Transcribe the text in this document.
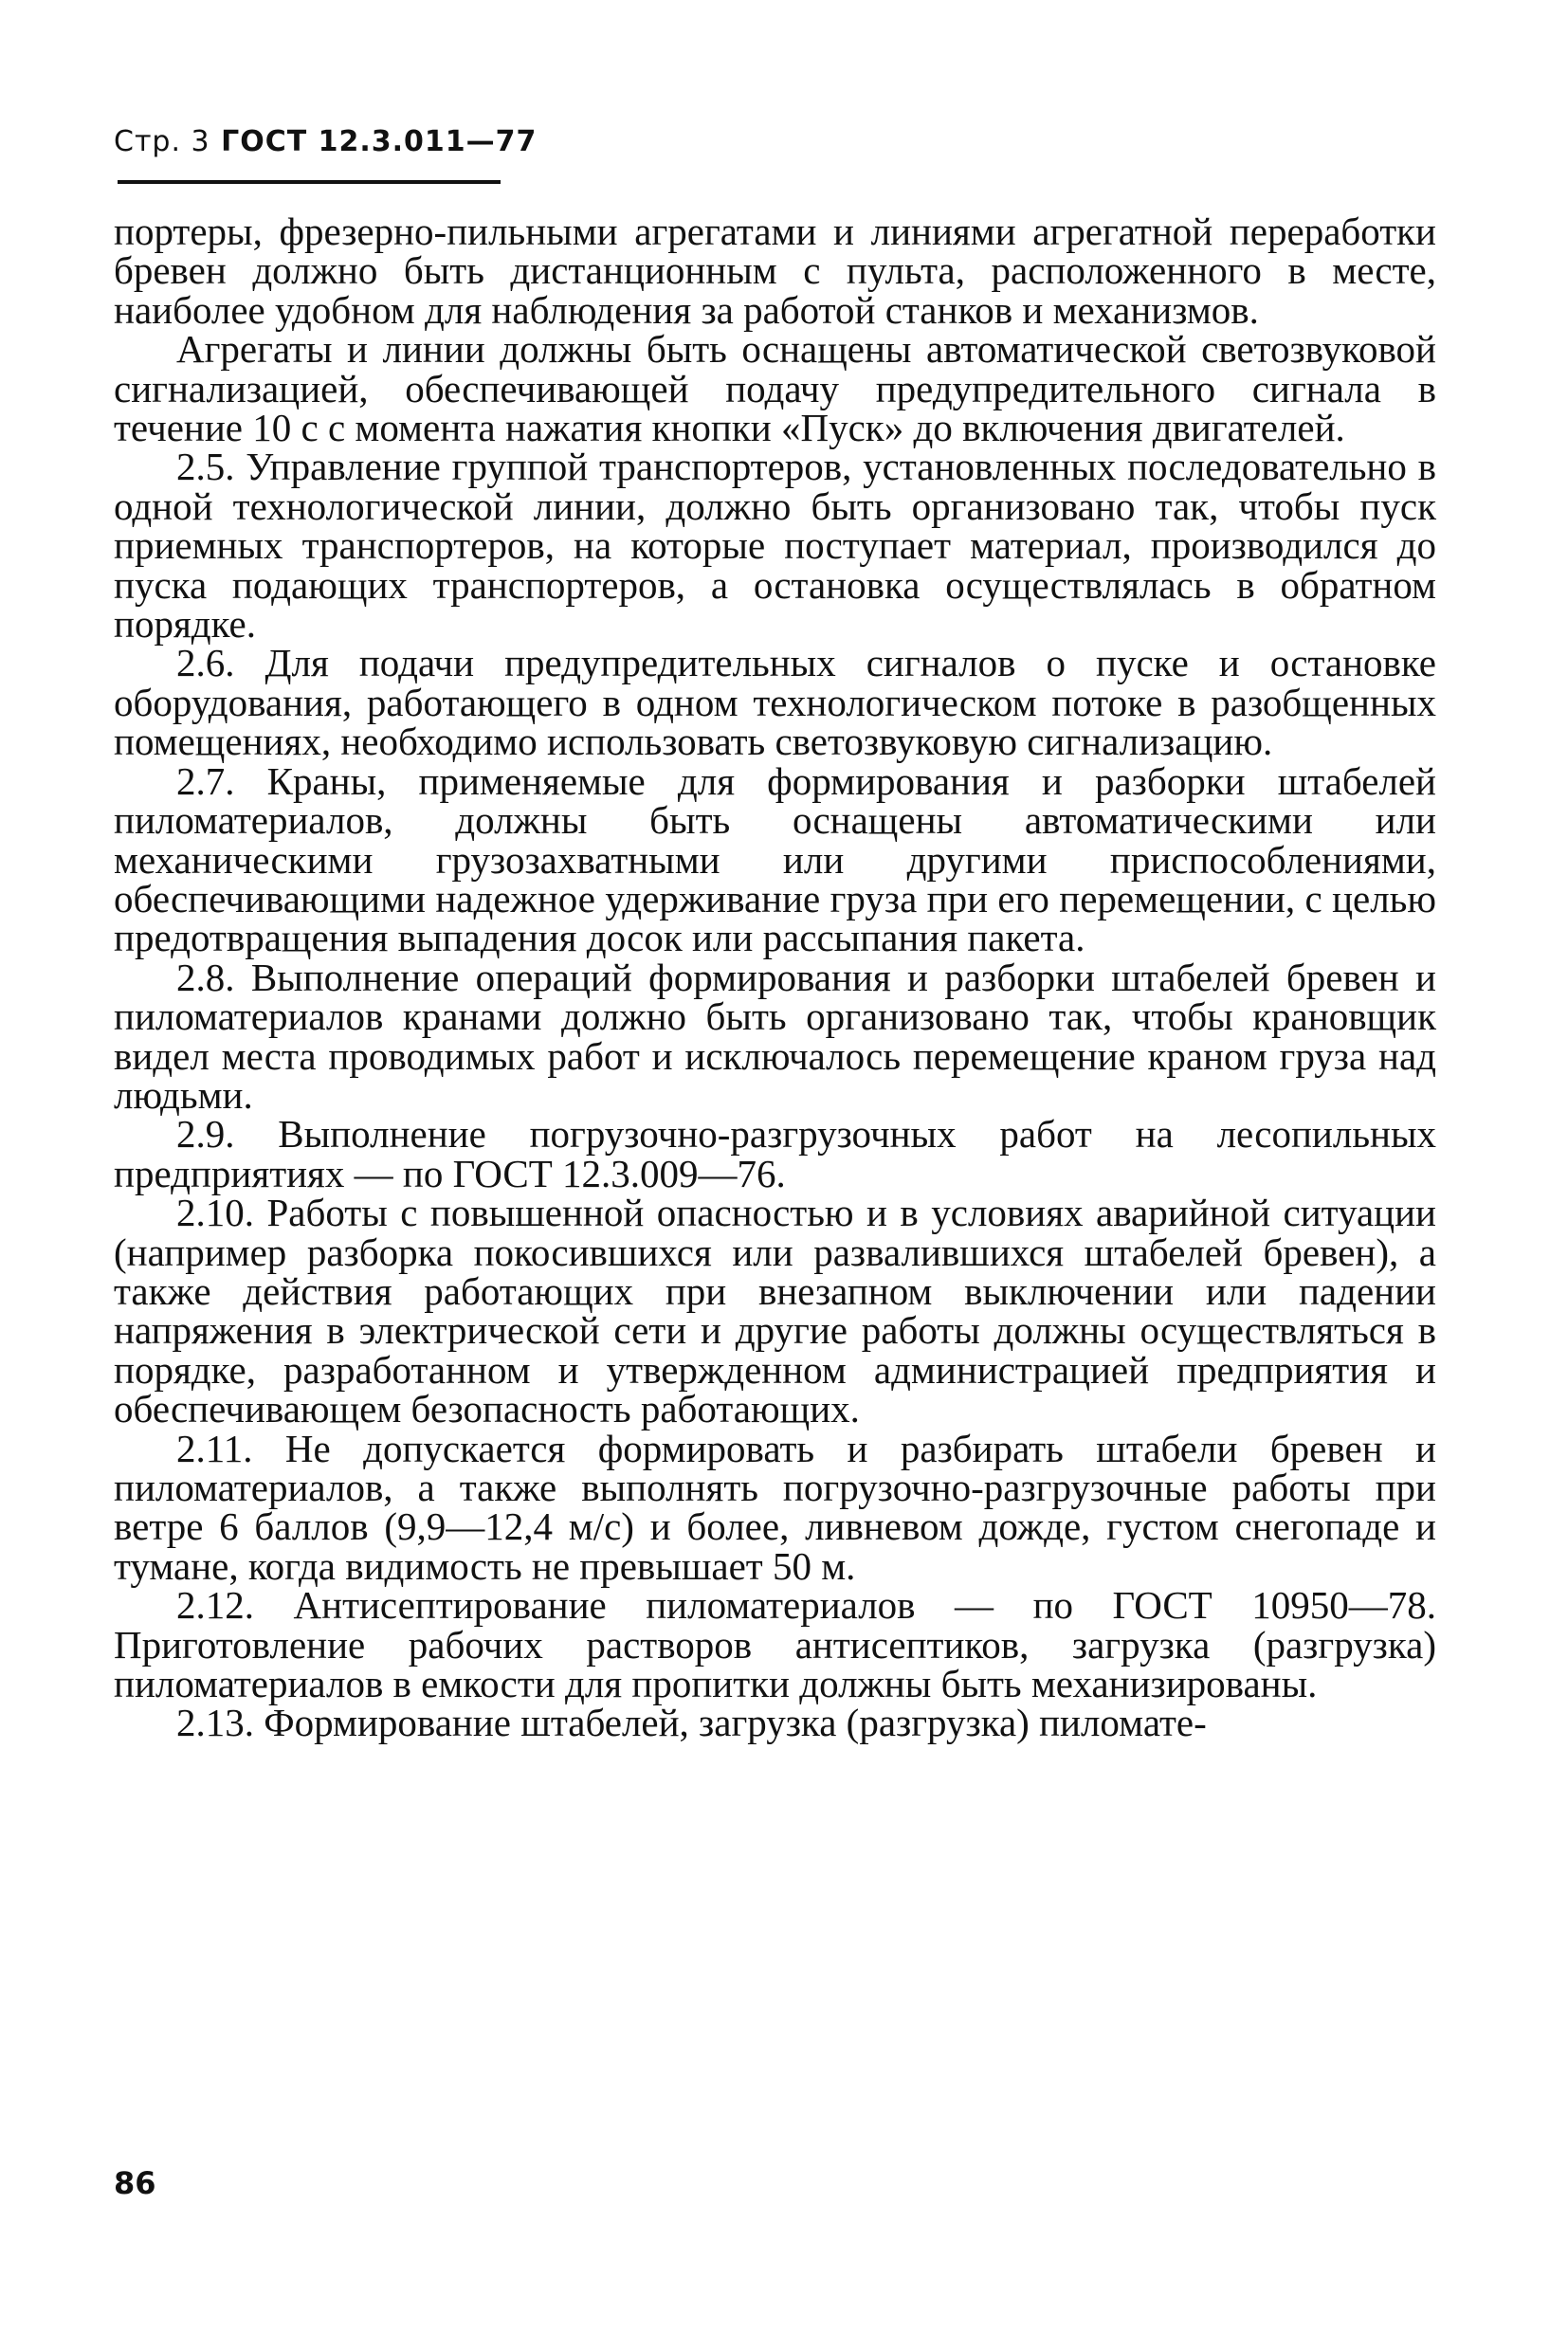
Стр. 3 ГОСТ 12.3.011—77

портеры, фрезерно-пильными агрегатами и линиями агрегатной переработки бревен должно быть дистанционным с пульта, расположенного в месте, наиболее удобном для наблюдения за работой станков и механизмов.

Агрегаты и линии должны быть оснащены автоматической светозвуковой сигнализацией, обеспечивающей подачу предупредительного сигнала в течение 10 с с момента нажатия кнопки «Пуск» до включения двигателей.

2.5. Управление группой транспортеров, установленных последовательно в одной технологической линии, должно быть организовано так, чтобы пуск приемных транспортеров, на которые поступает материал, производился до пуска подающих транспортеров, а остановка осуществлялась в обратном порядке.

2.6. Для подачи предупредительных сигналов о пуске и остановке оборудования, работающего в одном технологическом потоке в разобщенных помещениях, необходимо использовать светозвуковую сигнализацию.

2.7. Краны, применяемые для формирования и разборки штабелей пиломатериалов, должны быть оснащены автоматическими или механическими грузозахватными или другими приспособлениями, обеспечивающими надежное удерживание груза при его перемещении, с целью предотвращения выпадения досок или рассыпания пакета.

2.8. Выполнение операций формирования и разборки штабелей бревен и пиломатериалов кранами должно быть организовано так, чтобы крановщик видел места проводимых работ и исключалось перемещение краном груза над людьми.

2.9. Выполнение погрузочно-разгрузочных работ на лесопильных предприятиях — по ГОСТ 12.3.009—76.

2.10. Работы с повышенной опасностью и в условиях аварийной ситуации (например разборка покосившихся или развалившихся штабелей бревен), а также действия работающих при внезапном выключении или падении напряжения в электрической сети и другие работы должны осуществляться в порядке, разработанном и утвержденном администрацией предприятия и обеспечивающем безопасность работающих.

2.11. Не допускается формировать и разбирать штабели бревен и пиломатериалов, а также выполнять погрузочно-разгрузочные работы при ветре 6 баллов (9,9—12,4 м/с) и более, ливневом дожде, густом снегопаде и тумане, когда видимость не превышает 50 м.

2.12. Антисептирование пиломатериалов — по ГОСТ 10950—78. Приготовление рабочих растворов антисептиков, загрузка (разгрузка) пиломатериалов в емкости для пропитки должны быть механизированы.

2.13. Формирование штабелей, загрузка (разгрузка) пиломате-

86
